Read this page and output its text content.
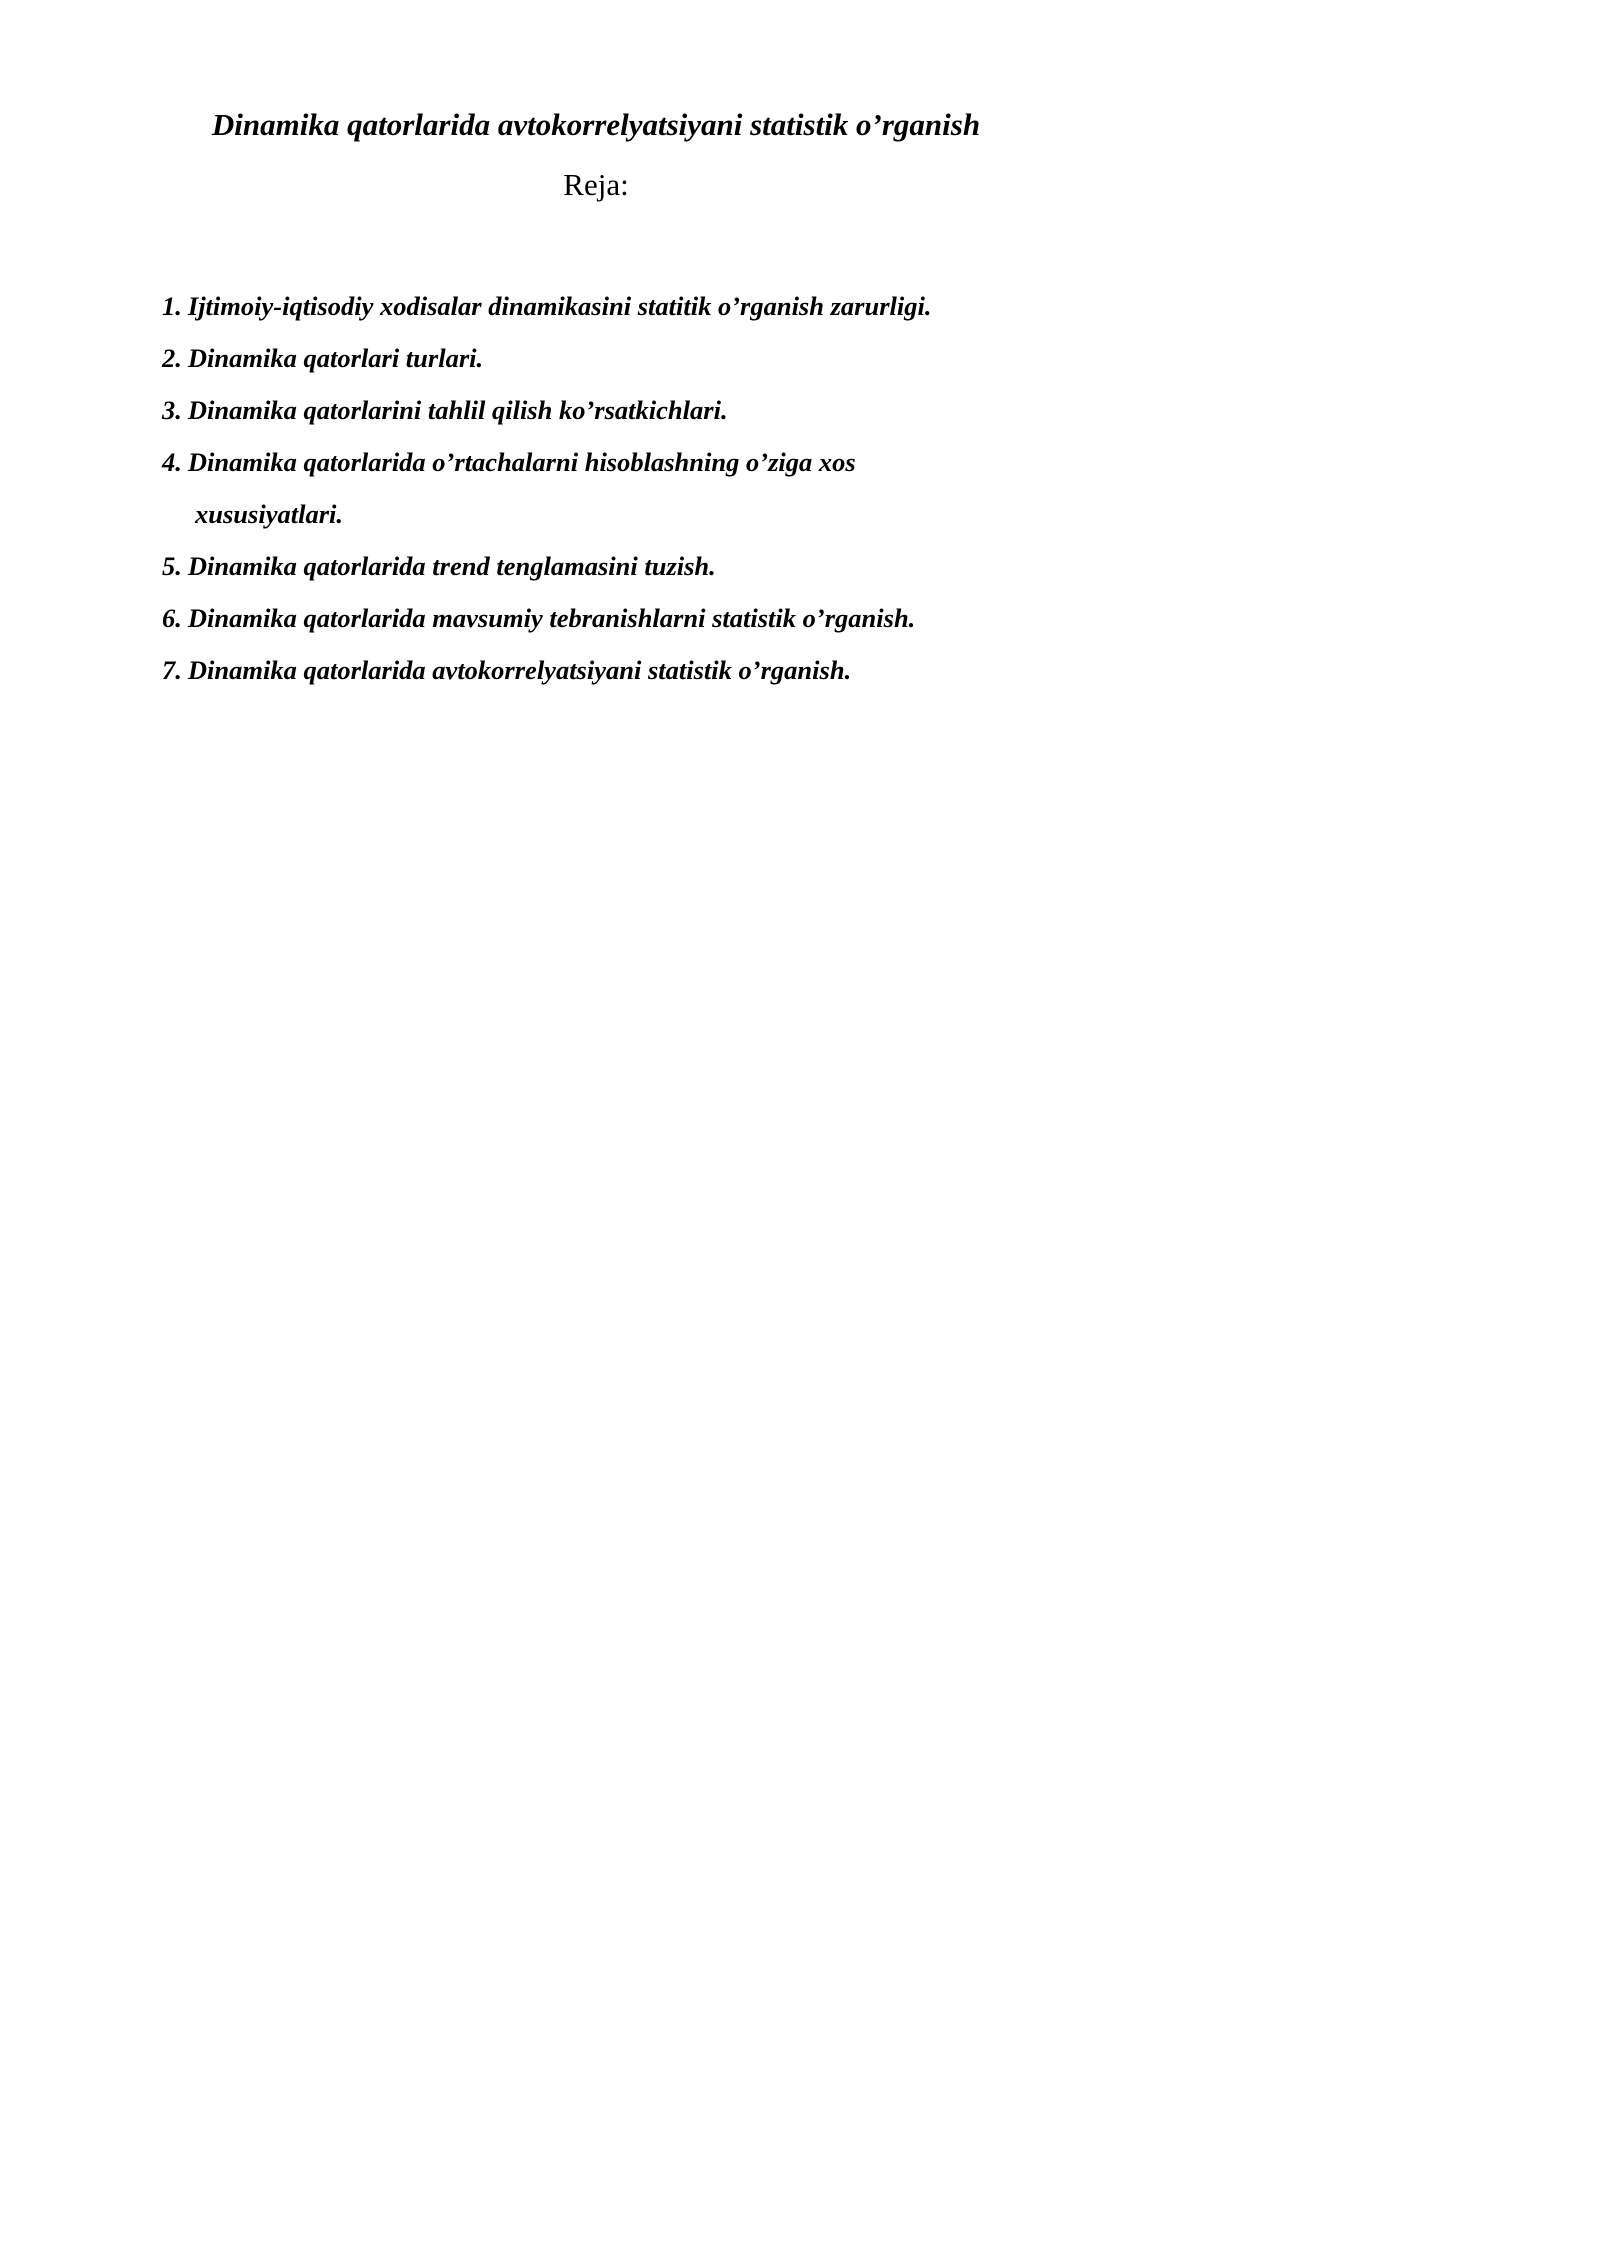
Dinamika qatorlarida avtokorrelyatsiyani statistik o’rganish
Reja:
1. Ijtimoiy-iqtisodiy xodisalar dinamikasini statitik o’rganish zarurligi.
2. Dinamika qatorlari turlari.
3. Dinamika qatorlarini tahlil qilish ko’rsatkichlari.
4. Dinamika qatorlarida o’rtachalarni hisoblashning o’ziga xos
xususiyatlari.
5. Dinamika qatorlarida trend tenglamasini tuzish.
6. Dinamika qatorlarida mavsumiy tebranishlarni statistik o’rganish.
7. Dinamika qatorlarida avtokorrelyatsiyani statistik o’rganish.
